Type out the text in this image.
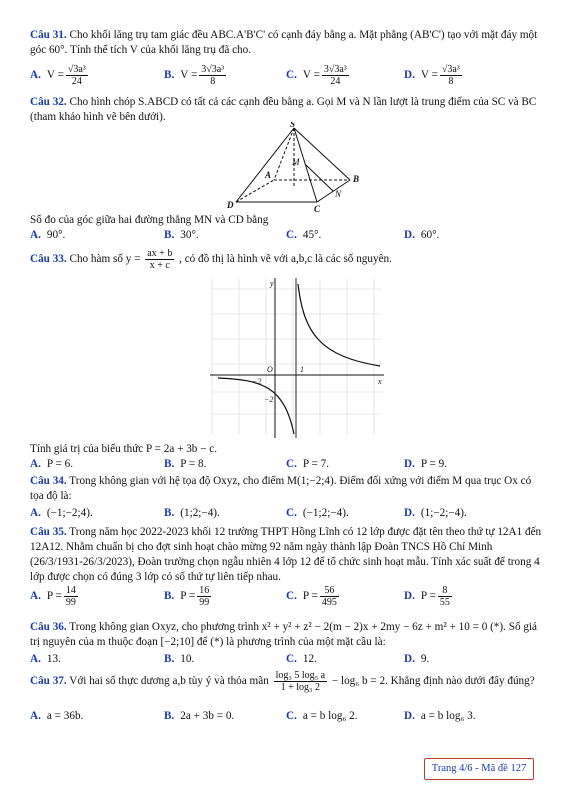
Câu 31. Cho khối lăng trụ tam giác đều ABC.A'B'C' có cạnh đáy bằng a. Mặt phẳng (AB'C') tạo với mặt đáy một góc 60°. Tính thể tích V của khối lăng trụ đã cho.
A. $V = \frac{\text{√3a³}}{24}$	B. $V = \frac{\text{3√3a³}}{8}$	C. $V = \frac{\text{3√3a³}}{24}$	D. $V = \frac{\text{√3a³}}{8}$
Câu 32. Cho hình chóp S.ABCD có tất cả các cạnh đều bằng a. Gọi M và N lần lượt là trung điểm của SC và BC (tham khảo hình vẽ bên dưới).
S
A	B
C
D
M
N
Số đo của góc giữa hai đường thẳng MN và CD bằng
A. 90°.	B. 30°.	C. 45°.	D. 60°.
Câu 33. Cho hàm số $y = \frac{ax + b}{x + c}$ , có đồ thị là hình vẽ với a,b,c là các số nguyên.
y
x
O
−2
1
−2
Tính giá trị của biểu thức P = 2a + 3b − c.
A. P = 6.	B. P = 8.	C. P = 7.	D. P = 9.
Câu 34. Trong không gian với hệ tọa độ Oxyz, cho điểm M(1;−2;4). Điểm đối xứng với điểm M qua trục Ox có tọa độ là:
A. (−1;−2;4).	B. (1;2;−4).	C. (−1;2;−4).	D. (1;−2;−4).
Câu 35. Trong năm học 2022-2023 khối 12 trường THPT Hồng Lĩnh có 12 lớp được đặt tên theo thứ tự 12A1 đến 12A12. Nhằm chuẩn bị cho đợt sinh hoạt chào mừng 92 năm ngày thành lập Đoàn TNCS Hồ Chí Minh (26/3/1931-26/3/2023), Đoàn trường chọn ngẫu nhiên 4 lớp 12 để tổ chức sinh hoạt mẫu. Tính xác suất để trong 4 lớp được chọn có đúng 3 lớp có số thứ tự liên tiếp nhau.
A. $P = \frac{14}{99}$	B. $P = \frac{16}{99}$	C. $P = \frac{56}{495}$	D. $P = \frac{8}{55}$
Câu 36. Trong không gian Oxyz, cho phương trình x² + y² + z² − 2(m − 2)x + 2my − 6z + m² + 10 = 0 (*). Số giá trị nguyên của m thuộc đoạn [−2;10] để (*) là phương trình của một mặt cầu là:
A. 13.	B. 10.	C. 12.	D. 9.
Câu 37. Với hai số thực dương a,b tùy ý và thỏa mãn $\frac{\text{log₃ 5 log₅ a}}{\text{1 + log₃ 2}} - \log_6$ b = 2. Khẳng định nào dưới đây đúng?
A. a = 36b.	B. 2a + 3b = 0.	C. a = b log₆ 2.	D. a = b log₆ 3.
Trang 4/6 - Mã đề 127
